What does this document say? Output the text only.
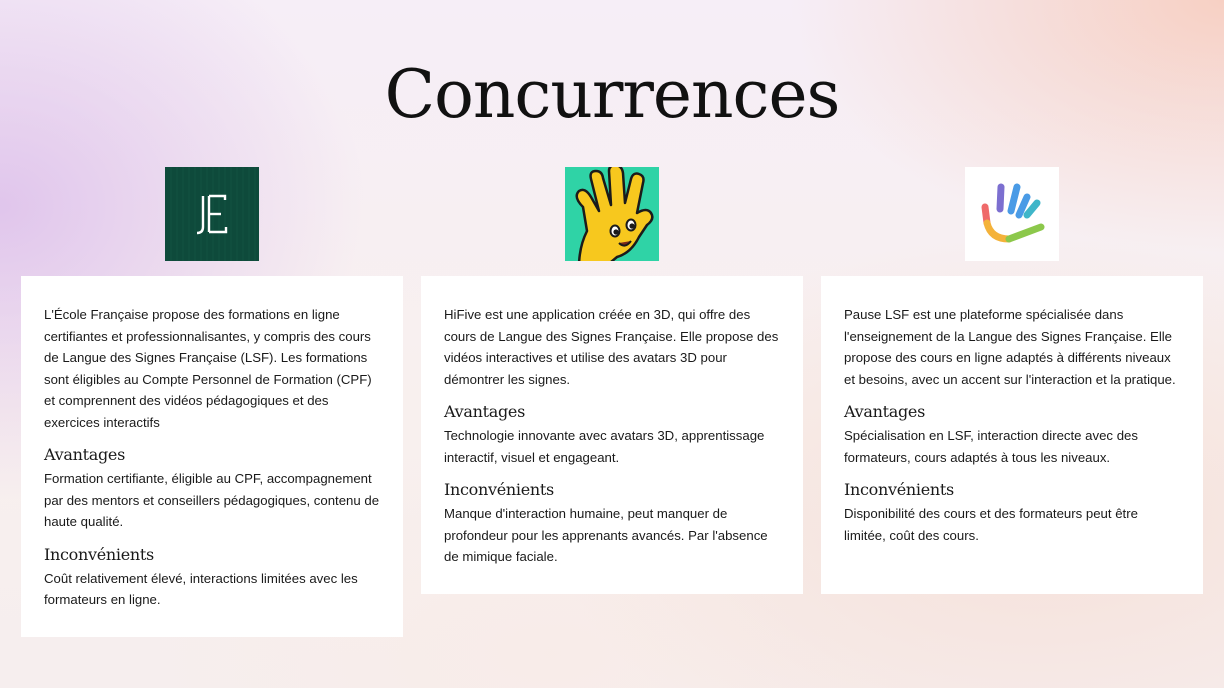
Concurrences

L'École Française propose des formations en ligne certifiantes et professionnalisantes, y compris des cours de Langue des Signes Française (LSF). Les formations sont éligibles au Compte Personnel de Formation (CPF) et comprennent des vidéos pédagogiques et des exercices interactifs

Avantages

Formation certifiante, éligible au CPF, accompagnement par des mentors et conseillers pédagogiques, contenu de haute qualité.

Inconvénients

Coût relativement élevé, interactions limitées avec les formateurs en ligne.

HiFive est une application créée en 3D, qui offre des cours de Langue des Signes Française. Elle propose des vidéos interactives et utilise des avatars 3D pour démontrer les signes.

Avantages

Technologie innovante avec avatars 3D, apprentissage interactif, visuel et engageant.

Inconvénients

Manque d'interaction humaine, peut manquer de profondeur pour les apprenants avancés. Par l'absence de mimique faciale.

Pause LSF est une plateforme spécialisée dans l'enseignement de la Langue des Signes Française. Elle propose des cours en ligne adaptés à différents niveaux et besoins, avec un accent sur l'interaction et la pratique.

Avantages

Spécialisation en LSF, interaction directe avec des formateurs, cours adaptés à tous les niveaux.

Inconvénients

Disponibilité des cours et des formateurs peut être limitée, coût des cours.
